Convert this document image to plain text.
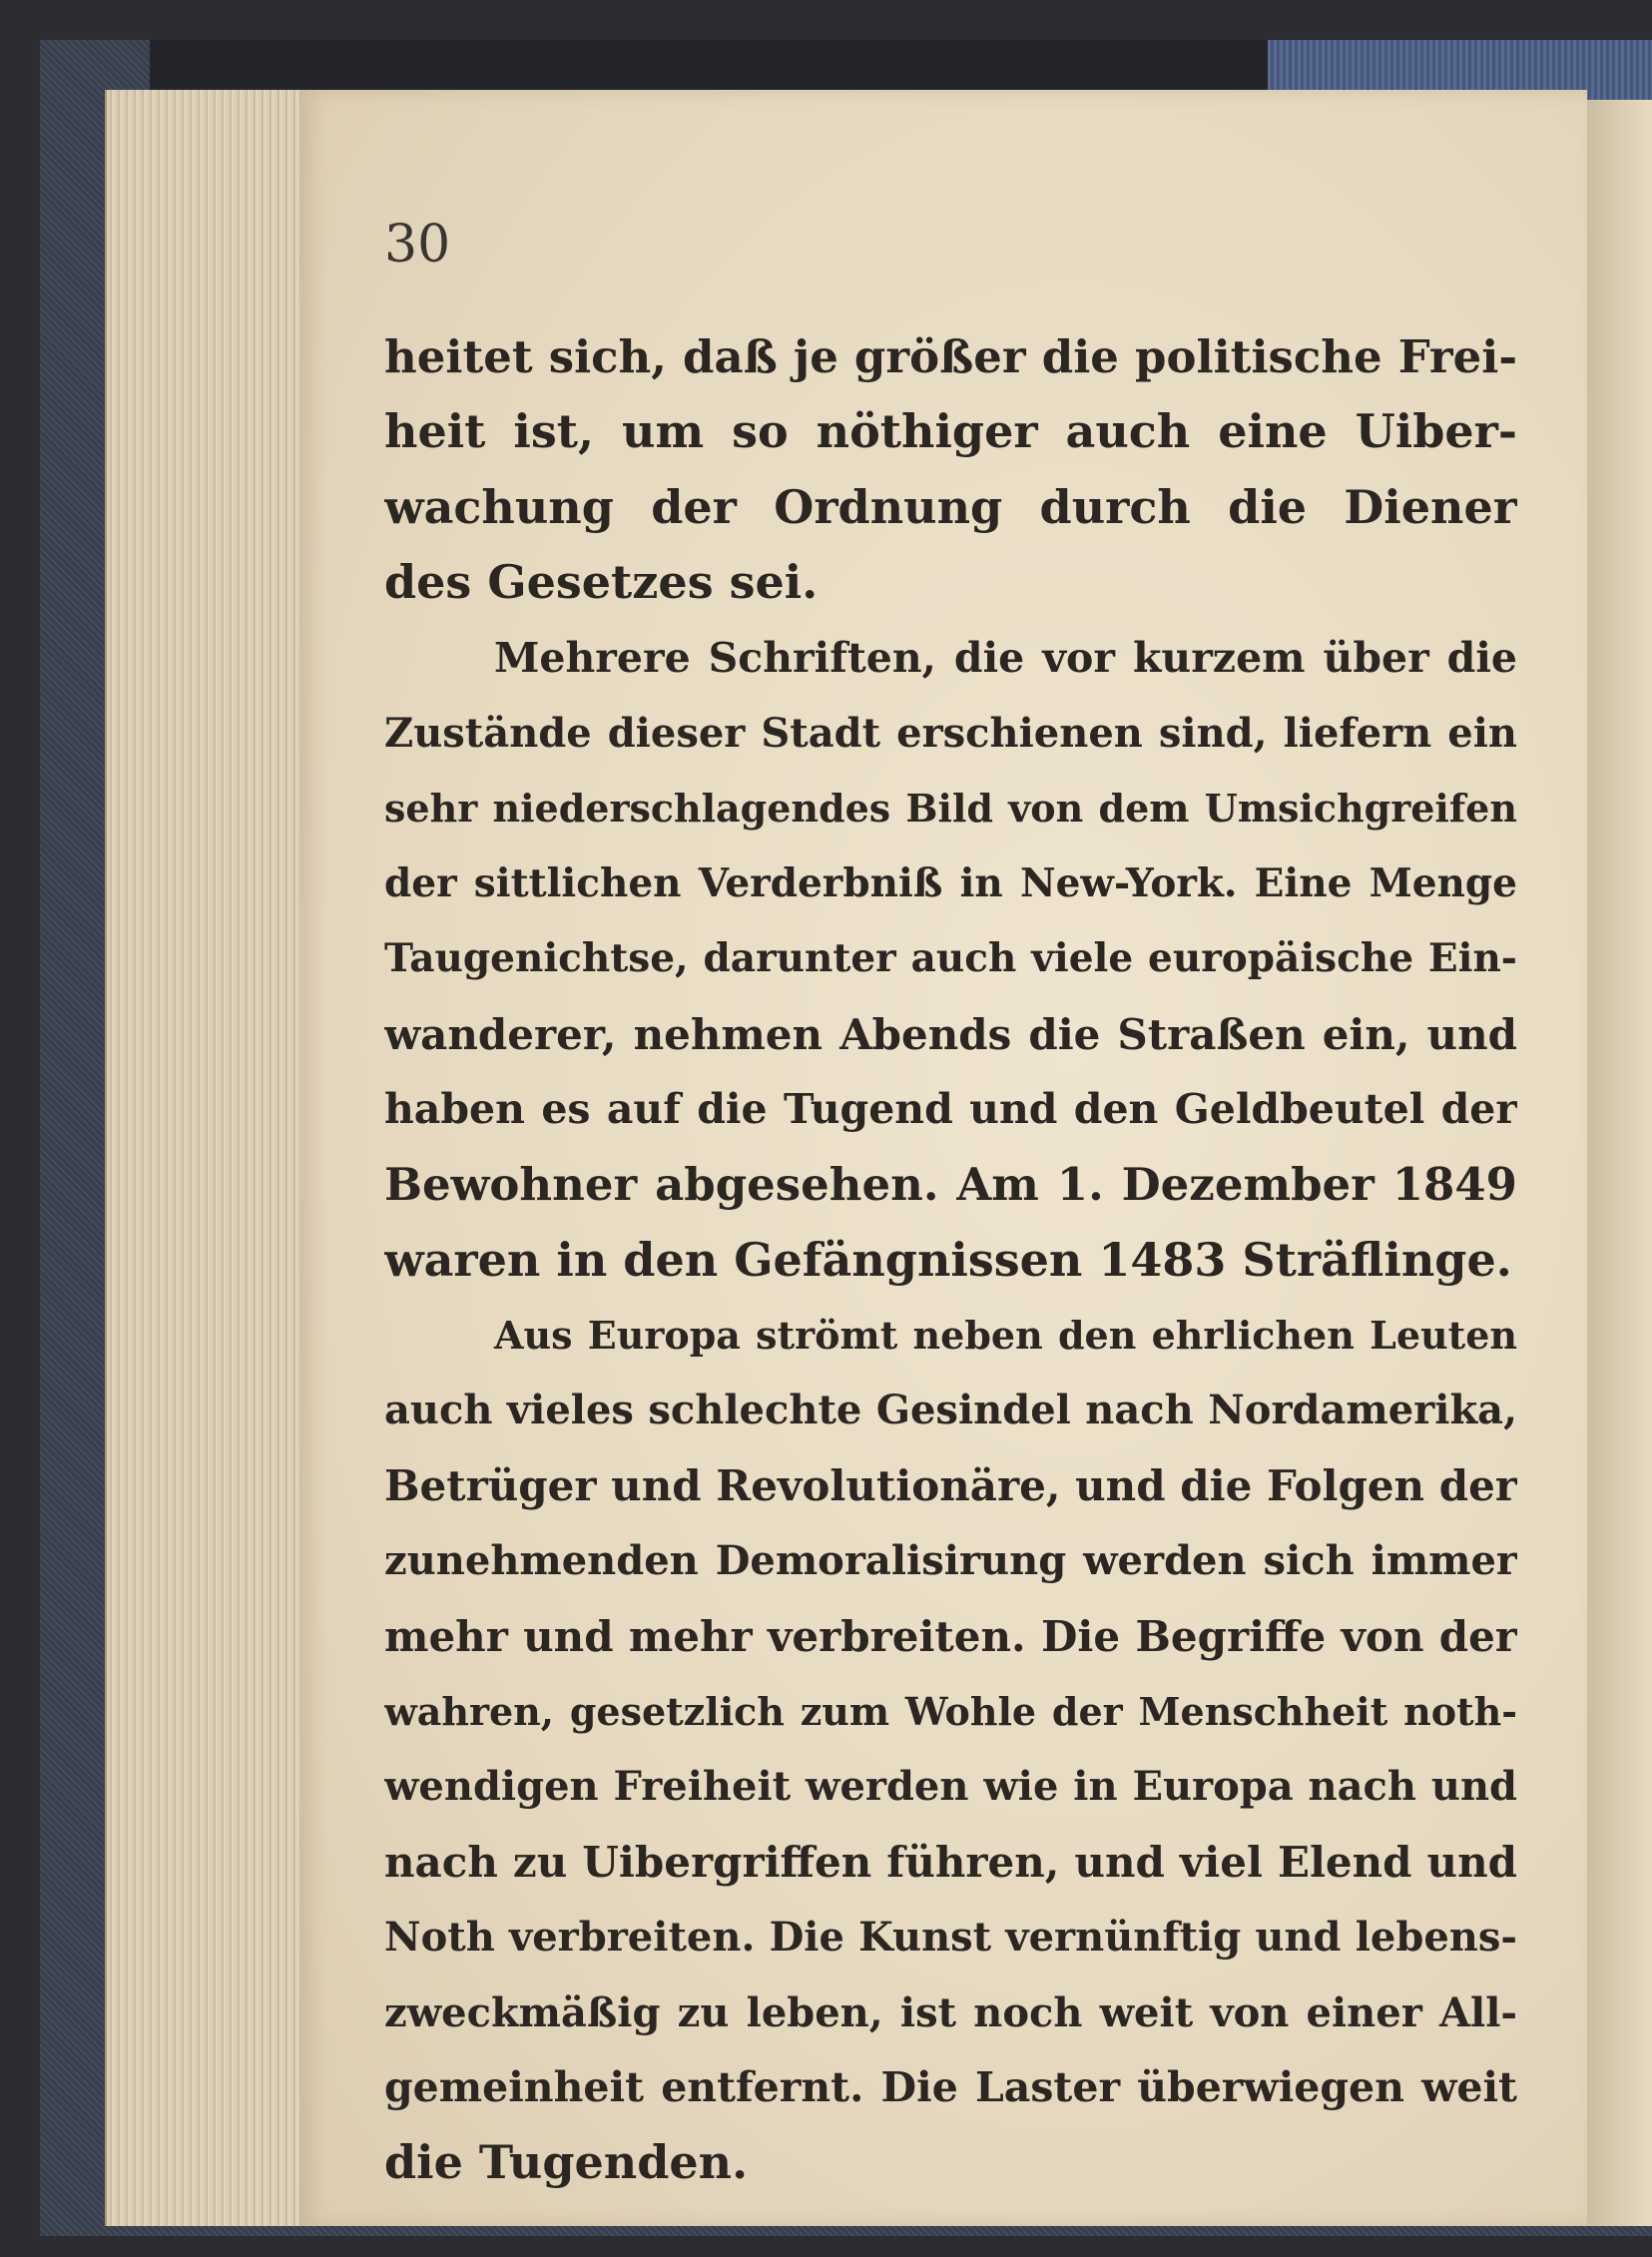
30
heitet sich, daß je größer die politische Frei-
heit ist, um so nöthiger auch eine Uiber-
wachung der Ordnung durch die Diener
des Gesetzes sei.
Mehrere Schriften, die vor kurzem über die
Zustände dieser Stadt erschienen sind, liefern ein
sehr niederschlagendes Bild von dem Umsichgreifen
der sittlichen Verderbniß in New-York. Eine Menge
Taugenichtse, darunter auch viele europäische Ein-
wanderer, nehmen Abends die Straßen ein, und
haben es auf die Tugend und den Geldbeutel der
Bewohner abgesehen. Am 1. Dezember 1849
waren in den Gefängnissen 1483 Sträflinge.
Aus Europa strömt neben den ehrlichen Leuten
auch vieles schlechte Gesindel nach Nordamerika,
Betrüger und Revolutionäre, und die Folgen der
zunehmenden Demoralisirung werden sich immer
mehr und mehr verbreiten. Die Begriffe von der
wahren, gesetzlich zum Wohle der Menschheit noth-
wendigen Freiheit werden wie in Europa nach und
nach zu Uibergriffen führen, und viel Elend und
Noth verbreiten. Die Kunst vernünftig und lebens-
zweckmäßig zu leben, ist noch weit von einer All-
gemeinheit entfernt. Die Laster überwiegen weit
die Tugenden.
